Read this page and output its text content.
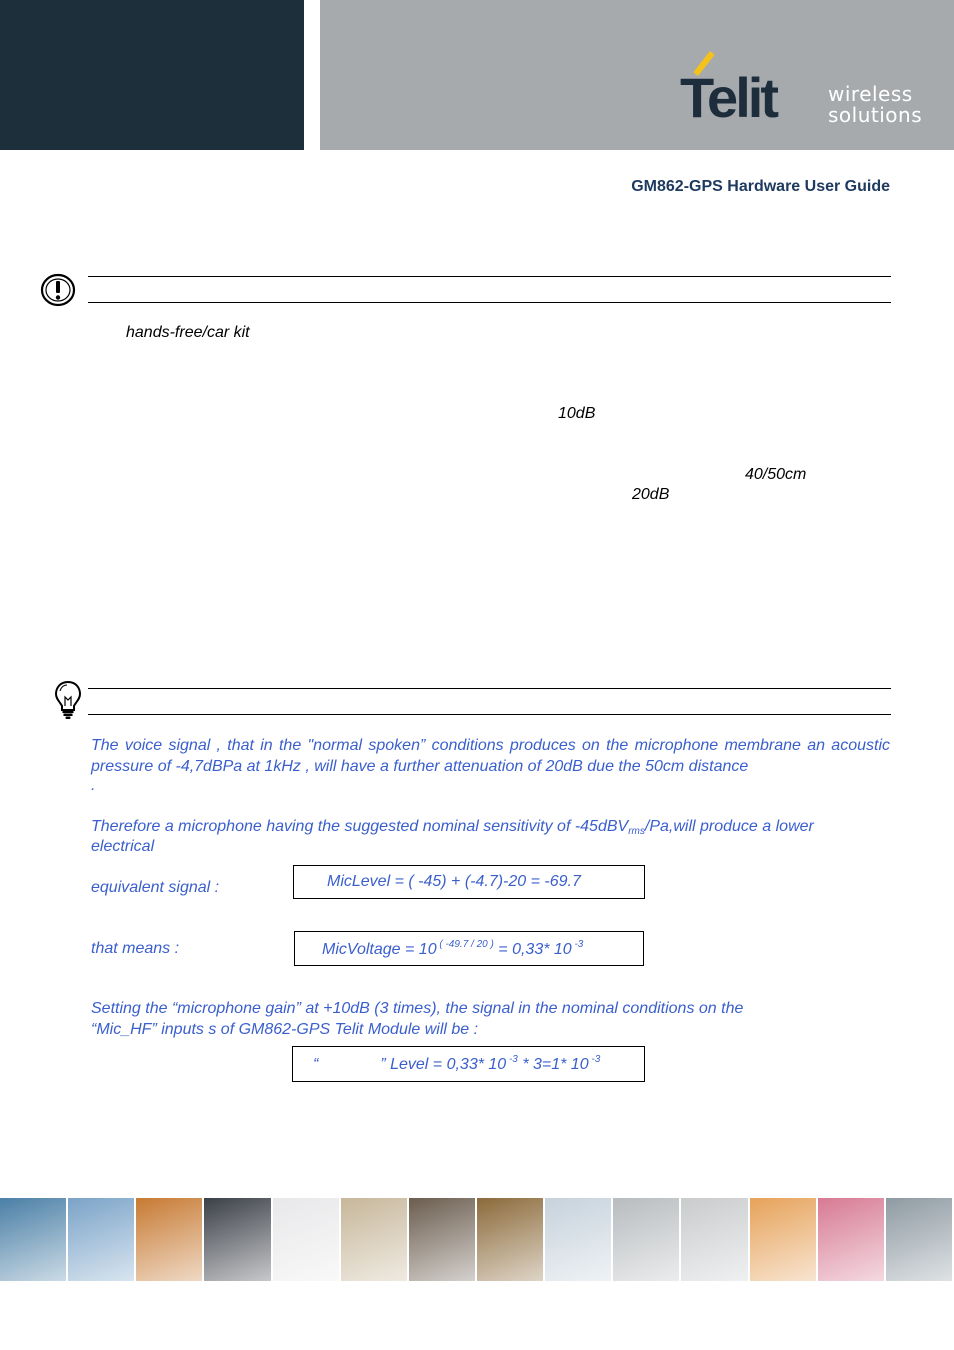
Telit	wireless
solutions
GM862-GPS Hardware User Guide
hands-free/car kit
10dB
40/50cm
20dB
The voice signal , that in the "normal spoken” conditions produces on the microphone membrane an acoustic pressure of -4,7dBPa at 1kHz , will have a further attenuation of 20dB due the 50cm distance
.
Therefore a microphone having the suggested nominal sensitivity of -45dBV$_{rms}$/Pa,will produce a lower
electrical
equivalent signal :	MicLevel = ( -45) + (-4.7)-20 = -69.7
that means :	MicVoltage = 10 $^{( -49.7 / 20 )}$ = 0,33* 10 $^{-3}$
Setting the “microphone gain” at +10dB (3 times), the signal in the nominal conditions on the
“Mic_HF” inputs s of GM862-GPS Telit Module will be :
“	” Level = 0,33* 10 $^{-3}$ * 3=1* 10 $^{-3}$
